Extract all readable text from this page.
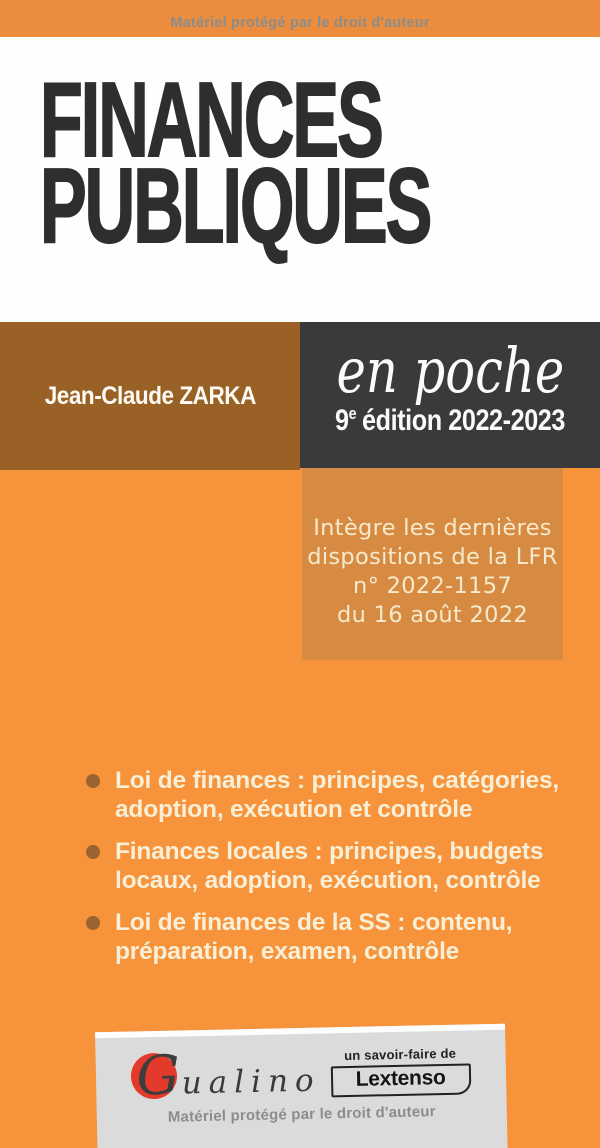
Matériel protégé par le droit d'auteur
FINANCES
PUBLIQUES
Jean-Claude ZARKA	en poche
9e édition 2022-2023
Intègre les dernières
dispositions de la LFR
n° 2022-1157
du 16 août 2022
Loi de finances : principes, catégories,
adoption, exécution et contrôle
Finances locales : principes, budgets
locaux, adoption, exécution, contrôle
Loi de finances de la SS : contenu,
préparation, examen, contrôle
G ualino
un savoir-faire de
Lextenso
Matériel protégé par le droit d'auteur
